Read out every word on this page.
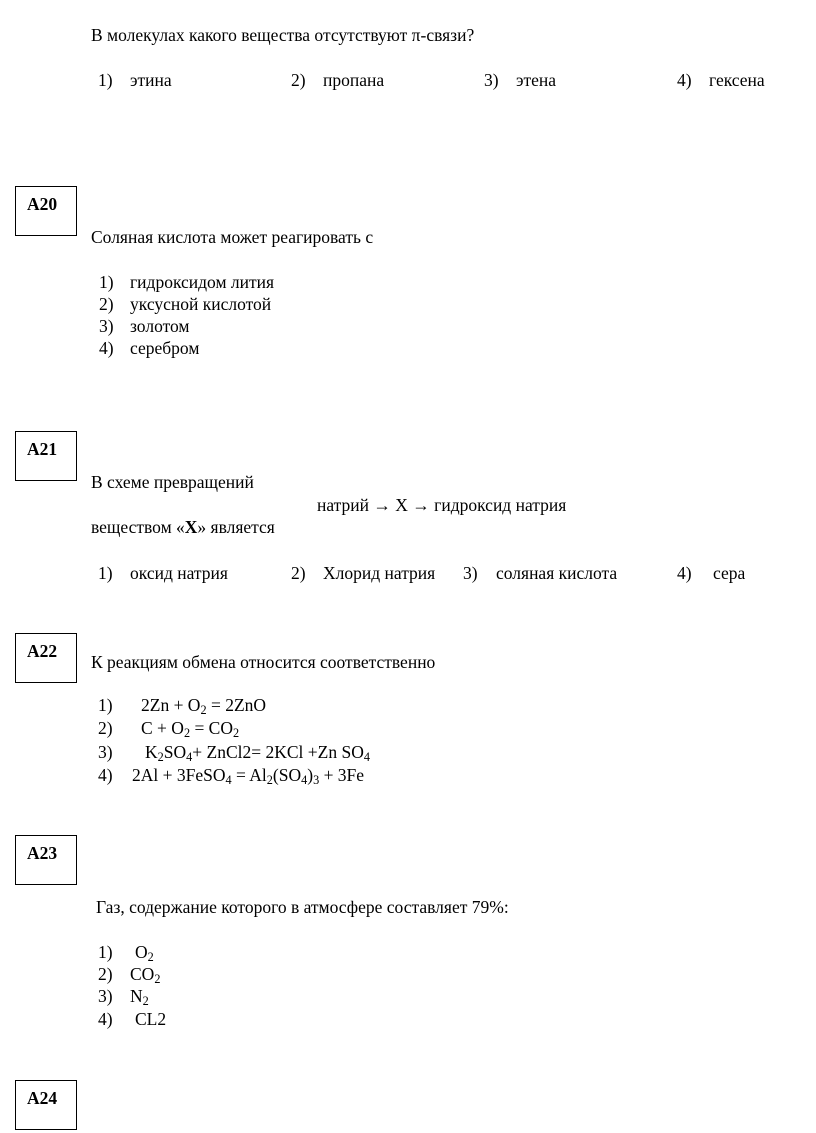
В молекулах какого вещества отсутствуют π-связи?
1) этина	2) пропана	3) этена	4) гексена
А20
Соляная кислота может реагировать с
1) гидроксидом лития
2) уксусной кислотой
3) золотом
4) серебром
А21
В схеме превращений
натрий → X → гидроксид натрия
веществом «X» является
1) оксид натрия	2) Хлорид натрия 3) соляная кислота	4) сера
А22
К реакциям обмена относится соответственно
1) $2Zn + O_2 = 2ZnO$
2) $C + O_2 = CO_2$
3) $K_2SO_4+$ ZnCl2= 2KCl +Zn $SO_4$
4) 2Al + 3FeSO$_4$ = $Al_2(SO_4)_3 + 3Fe$
А23
Газ, содержание которого в атмосфере составляет 79%:
1) $O_2$
2) $CO_2$
3) $N_2$
4) CL2
А24
